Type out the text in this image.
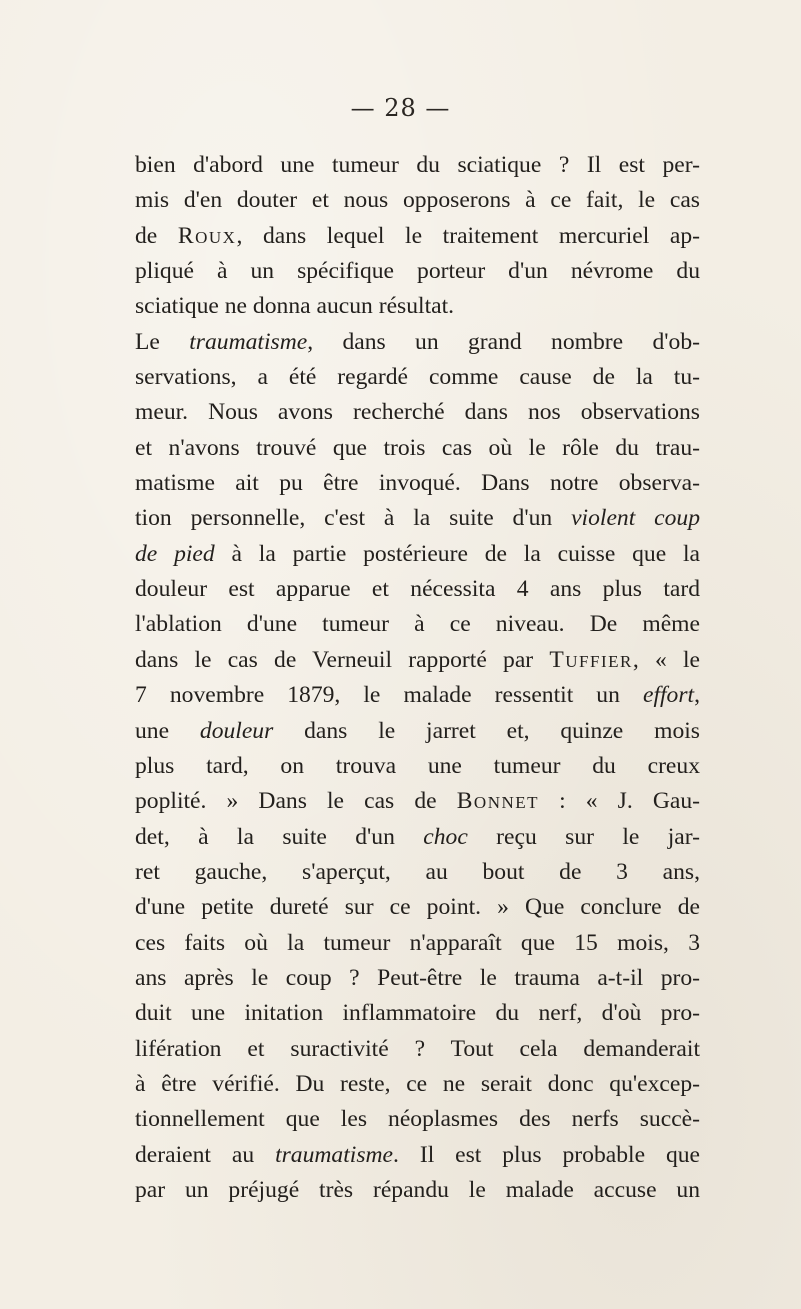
— 28 —
bien d'abord une tumeur du sciatique ? Il est per-
mis d'en douter et nous opposerons à ce fait, le cas
de Roux, dans lequel le traitement mercuriel ap-
pliqué à un spécifique porteur d'un névrome du
sciatique ne donna aucun résultat.
Le traumatisme, dans un grand nombre d'ob-
servations, a été regardé comme cause de la tu-
meur. Nous avons recherché dans nos observations
et n'avons trouvé que trois cas où le rôle du trau-
matisme ait pu être invoqué. Dans notre observa-
tion personnelle, c'est à la suite d'un violent coup
de pied à la partie postérieure de la cuisse que la
douleur est apparue et nécessita 4 ans plus tard
l'ablation d'une tumeur à ce niveau. De même
dans le cas de Verneuil rapporté par Tuffier, « le
7 novembre 1879, le malade ressentit un effort,
une douleur dans le jarret et, quinze mois
plus tard, on trouva une tumeur du creux
poplité. » Dans le cas de Bonnet : « J. Gau-
det, à la suite d'un choc reçu sur le jar-
ret gauche, s'aperçut, au bout de 3 ans,
d'une petite dureté sur ce point. » Que conclure de
ces faits où la tumeur n'apparaît que 15 mois, 3
ans après le coup ? Peut-être le trauma a-t-il pro-
duit une initation inflammatoire du nerf, d'où pro-
lifération et suractivité ? Tout cela demanderait
à être vérifié. Du reste, ce ne serait donc qu'excep-
tionnellement que les néoplasmes des nerfs succè-
deraient au traumatisme. Il est plus probable que
par un préjugé très répandu le malade accuse un
